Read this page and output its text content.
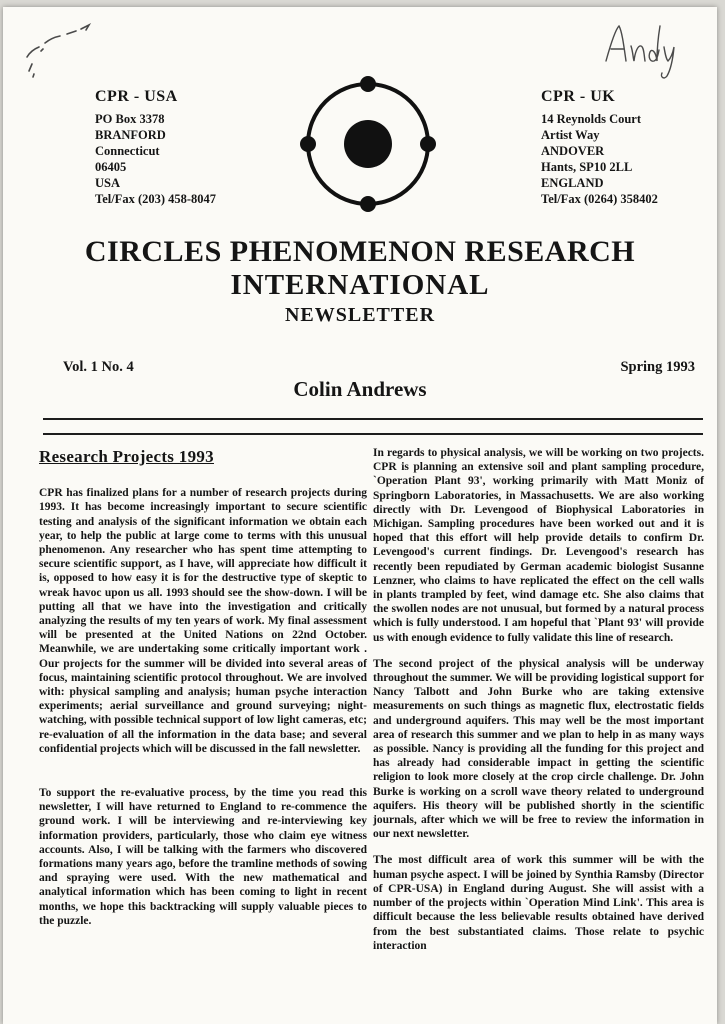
CPR - USA
PO Box 3378
BRANFORD
Connecticut
06405
USA
Tel/Fax (203) 458-8047
CPR - UK
14 Reynolds Court
Artist Way
ANDOVER
Hants, SP10 2LL
ENGLAND
Tel/Fax (0264) 358402
CIRCLES PHENOMENON RESEARCH
INTERNATIONAL
NEWSLETTER
Vol. 1 No. 4	Spring 1993
Colin Andrews
Research Projects 1993

CPR has finalized plans for a number of research projects during 1993. It has become increasingly important to secure scientific testing and analysis of the significant information we obtain each year, to help the public at large come to terms with this unusual phenomenon. Any researcher who has spent time attempting to secure scientific support, as I have, will appreciate how difficult it is, opposed to how easy it is for the destructive type of skeptic to wreak havoc upon us all. 1993 should see the show-down. I will be putting all that we have into the investigation and critically analyzing the results of my ten years of work. My final assessment will be presented at the United Nations on 22nd October. Meanwhile, we are undertaking some critically important work . Our projects for the summer will be divided into several areas of focus, maintaining scientific protocol throughout. We are involved with: physical sampling and analysis; human psyche interaction experiments; aerial surveillance and ground surveying; night-watching, with possible technical support of low light cameras, etc; re-evaluation of all the information in the data base; and several confidential projects which will be discussed in the fall newsletter.

To support the re-evaluative process, by the time you read this newsletter, I will have returned to England to re-commence the ground work. I will be interviewing and re-interviewing key information providers, particularly, those who claim eye witness accounts. Also, I will be talking with the farmers who discovered formations many years ago, before the tramline methods of sowing and spraying were used. With the new mathematical and analytical information which has been coming to light in recent months, we hope this backtracking will supply valuable pieces to the puzzle.

In regards to physical analysis, we will be working on two projects. CPR is planning an extensive soil and plant sampling procedure, `Operation Plant 93', working primarily with Matt Moniz of Springborn Laboratories, in Massachusetts. We are also working directly with Dr. Levengood of Biophysical Laboratories in Michigan. Sampling procedures have been worked out and it is hoped that this effort will help provide details to confirm Dr. Levengood's current findings. Dr. Levengood's research has recently been repudiated by German academic biologist Susanne Lenzner, who claims to have replicated the effect on the cell walls in plants trampled by feet, wind damage etc. She also claims that the swollen nodes are not unusual, but formed by a natural process which is fully understood. I am hopeful that `Plant 93' will provide us with enough evidence to fully validate this line of research.

The second project of the physical analysis will be underway throughout the summer. We will be providing logistical support for Nancy Talbott and John Burke who are taking extensive measurements on such things as magnetic flux, electrostatic fields and underground aquifers. This may well be the most important area of research this summer and we plan to help in as many ways as possible. Nancy is providing all the funding for this project and has already had considerable impact in getting the scientific religion to look more closely at the crop circle challenge. Dr. John Burke is working on a scroll wave theory related to underground aquifers. His theory will be published shortly in the scientific journals, after which we will be free to review the information in our next newsletter.

The most difficult area of work this summer will be with the human psyche aspect. I will be joined by Synthia Ramsby (Director of CPR-USA) in England during August. She will assist with a number of the projects within `Operation Mind Link'. This area is difficult because the less believable results obtained have derived from the best substantiated claims. Those relate to psychic interaction
